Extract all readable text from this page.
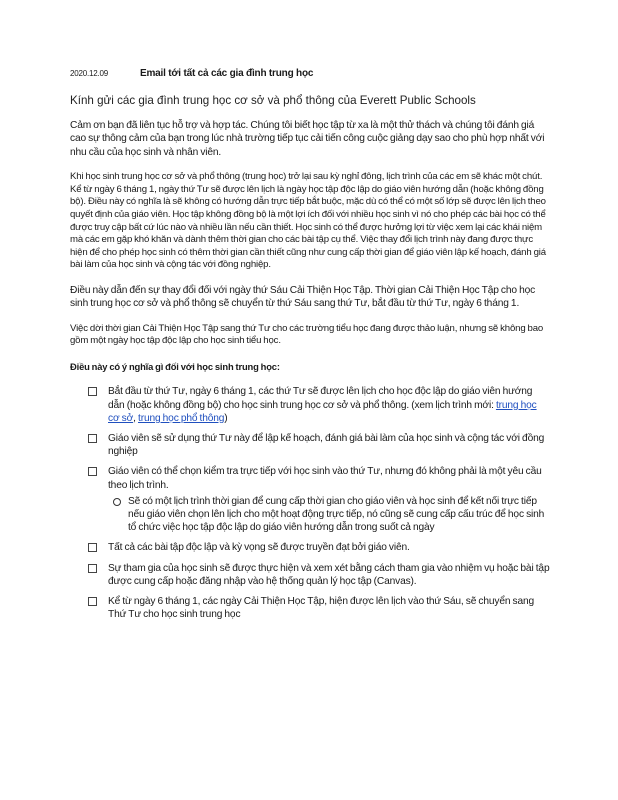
2020.12.09	Email tới tất cả các gia đình trung học
Kính gửi các gia đình trung học cơ sở và phổ thông của Everett Public Schools
Cảm ơn bạn đã liên tục hỗ trợ và hợp tác. Chúng tôi biết học tập từ xa là một thử thách và chúng tôi đánh giá cao sự thông cảm của bạn trong lúc nhà trường tiếp tục cải tiến công cuộc giảng dạy sao cho phù hợp nhất với nhu cầu của học sinh và nhân viên.
Khi học sinh trung học cơ sở và phổ thông (trung học) trở lại sau kỳ nghỉ đông, lịch trình của các em sẽ khác một chút. Kể từ ngày 6 tháng 1, ngày thứ Tư sẽ được lên lịch là ngày học tập độc lập do giáo viên hướng dẫn (hoặc không đồng bộ). Điều này có nghĩa là sẽ không có hướng dẫn trực tiếp bắt buộc, mặc dù có thể có một số lớp sẽ được lên lịch theo quyết định của giáo viên. Học tập không đồng bộ là một lợi ích đối với nhiều học sinh vì nó cho phép các bài học có thể được truy cập bất cứ lúc nào và nhiều lần nếu cần thiết. Học sinh có thể được hưởng lợi từ việc xem lại các khái niệm mà các em gặp khó khăn và dành thêm thời gian cho các bài tập cụ thể. Việc thay đổi lịch trình này đang được thực hiện để cho phép học sinh có thêm thời gian cần thiết cũng như cung cấp thời gian để giáo viên lập kế hoạch, đánh giá bài làm của học sinh và cộng tác với đồng nghiệp.
Điều này dẫn đến sự thay đổi đối với ngày thứ Sáu Cải Thiện Học Tập. Thời gian Cải Thiện Học Tập cho học sinh trung học cơ sở và phổ thông sẽ chuyển từ thứ Sáu sang thứ Tư, bắt đầu từ thứ Tư, ngày 6 tháng 1.
Việc dời thời gian Cải Thiện Học Tập sang thứ Tư cho các trường tiểu học đang được thảo luận, nhưng sẽ không bao gồm một ngày học tập độc lập cho học sinh tiểu học.
Điều này có ý nghĩa gì đối với học sinh trung học:
Bắt đầu từ thứ Tư, ngày 6 tháng 1, các thứ Tư sẽ được lên lịch cho học độc lập do giáo viên hướng dẫn (hoặc không đồng bộ) cho học sinh trung học cơ sở và phổ thông. (xem lịch trình mới: trung học cơ sở, trung học phổ thông)
Giáo viên sẽ sử dụng thứ Tư này để lập kế hoạch, đánh giá bài làm của học sinh và cộng tác với đồng nghiệp
Giáo viên có thể chọn kiểm tra trực tiếp với học sinh vào thứ Tư, nhưng đó không phải là một yêu cầu theo lịch trình.
Sẽ có một lịch trình thời gian để cung cấp thời gian cho giáo viên và học sinh để kết nối trực tiếp nếu giáo viên chọn lên lịch cho một hoạt động trực tiếp, nó cũng sẽ cung cấp cấu trúc để học sinh tổ chức việc học tập độc lập do giáo viên hướng dẫn trong suốt cả ngày
Tất cả các bài tập độc lập và kỳ vọng sẽ được truyền đạt bởi giáo viên.
Sự tham gia của học sinh sẽ được thực hiện và xem xét bằng cách tham gia vào nhiệm vụ hoặc bài tập được cung cấp hoặc đăng nhập vào hệ thống quản lý học tập (Canvas).
Kể từ ngày 6 tháng 1, các ngày Cải Thiện Học Tập, hiện được lên lịch vào thứ Sáu, sẽ chuyển sang Thứ Tư cho học sinh trung học
